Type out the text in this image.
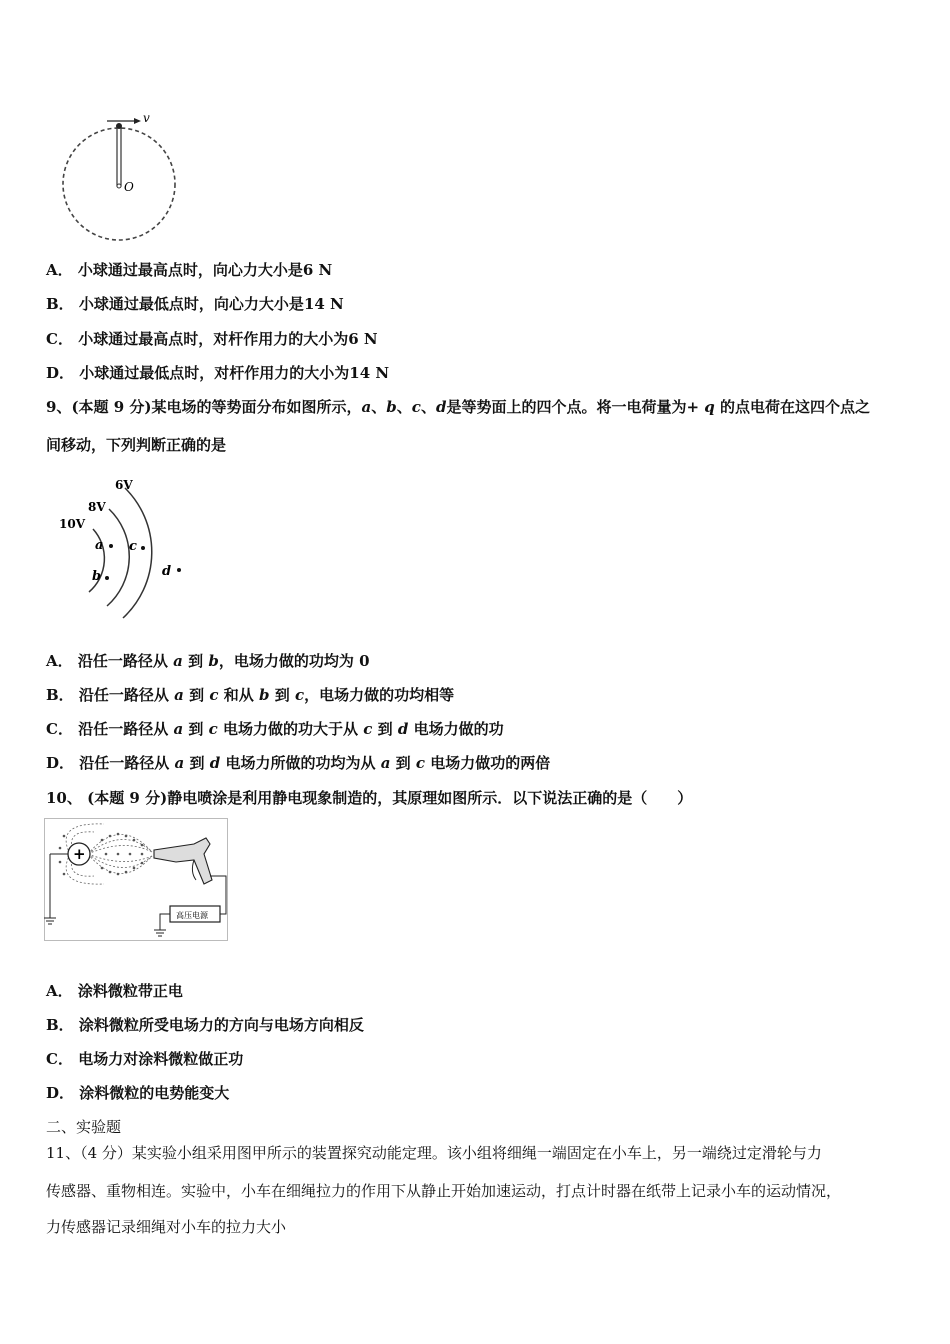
v
O
A． 小球通过最高点时，向心力大小是6 N
B． 小球通过最低点时，向心力大小是14 N
C． 小球通过最高点时，对杆作用力的大小为6 N
D． 小球通过最低点时，对杆作用力的大小为14 N
9、(本题 9 分)某电场的等势面分布如图所示，a、b、c、d是等势面上的四个点。将一电荷量为+ q 的点电荷在这四个点之
间移动，下列判断正确的是
10V
8V
6V
a
b
c
d
A． 沿任一路径从 a 到 b，电场力做的功均为 0
B． 沿任一路径从 a 到 c 和从 b 到 c，电场力做的功均相等
C． 沿任一路径从 a 到 c 电场力做的功大于从 c 到 d 电场力做的功
D． 沿任一路径从 a 到 d 电场力所做的功均为从 a 到 c 电场力做功的两倍
10、 (本题 9 分)静电喷涂是利用静电现象制造的，其原理如图所示．以下说法正确的是（　　）
+
高压电源
A． 涂料微粒带正电
B． 涂料微粒所受电场力的方向与电场方向相反
C． 电场力对涂料微粒做正功
D． 涂料微粒的电势能变大
二、实验题
11、（4 分）某实验小组采用图甲所示的装置探究动能定理。该小组将细绳一端固定在小车上，另一端绕过定滑轮与力
传感器、重物相连。实验中，小车在细绳拉力的作用下从静止开始加速运动，打点计时器在纸带上记录小车的运动情况，
力传感器记录细绳对小车的拉力大小
